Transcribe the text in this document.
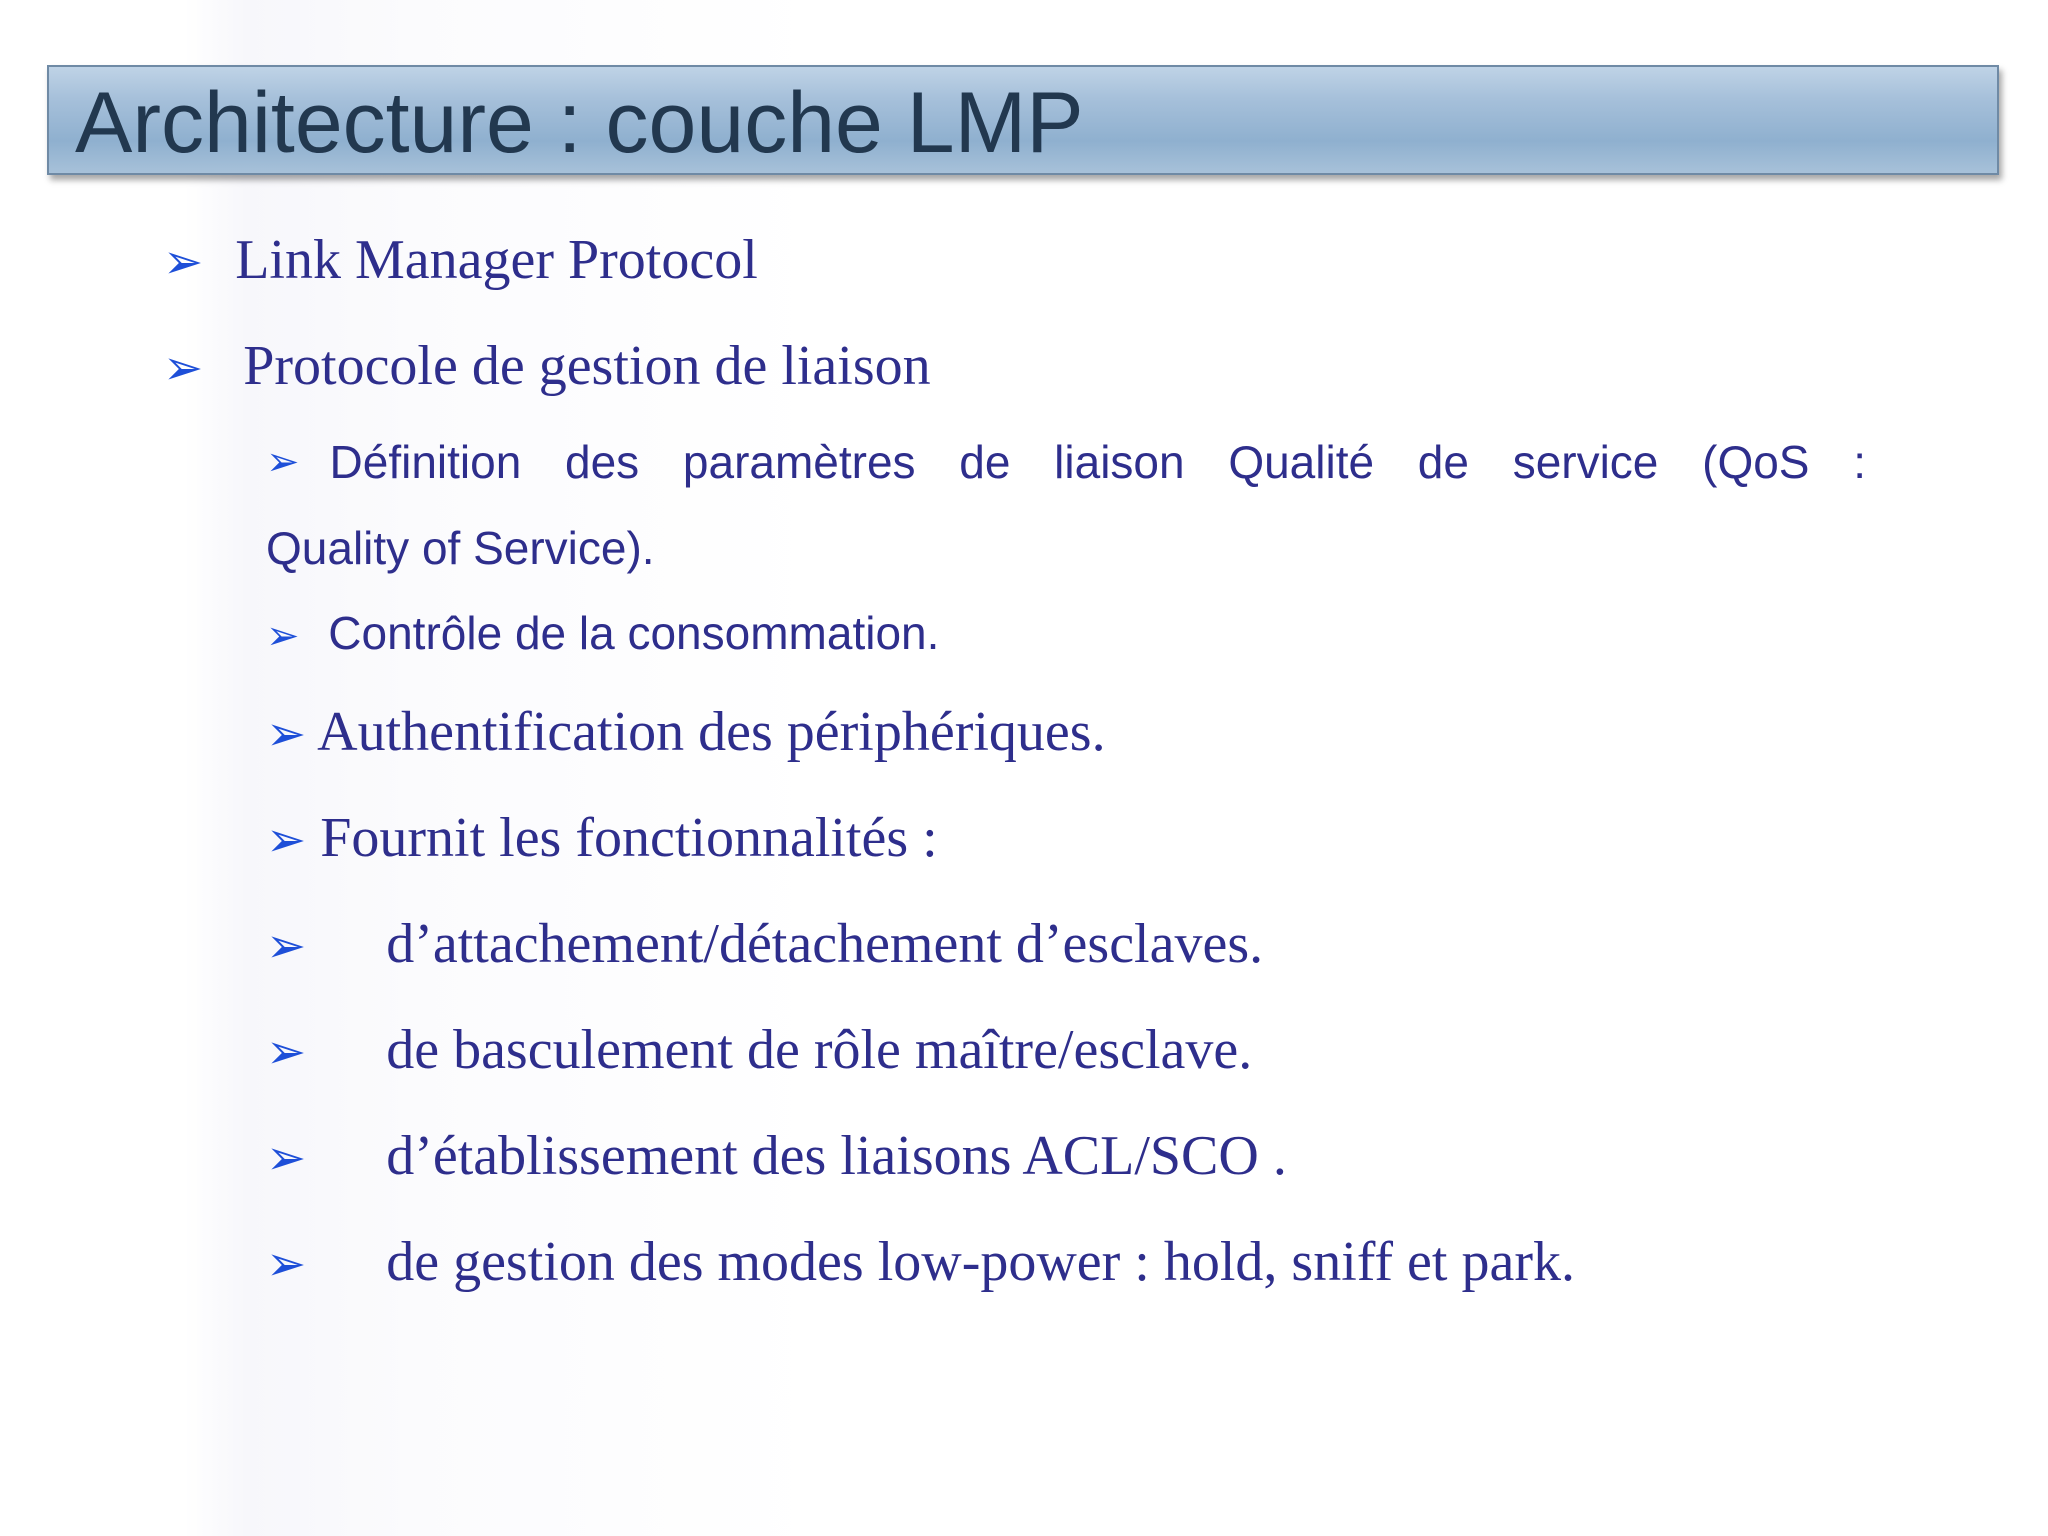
Architecture : couche LMP
➢ Link Manager Protocol
➢ Protocole de gestion de liaison
➢ Définition des paramètres de liaison Qualité de service (QoS :
Quality of Service).
➢ Contrôle de la consommation.
➢ Authentification des périphériques.
➢ Fournit les fonctionnalités :
➢ d’attachement/détachement d’esclaves.
➢ de basculement de rôle maître/esclave.
➢ d’établissement des liaisons ACL/SCO .
➢ de gestion des modes low-power : hold, sniff et park.
